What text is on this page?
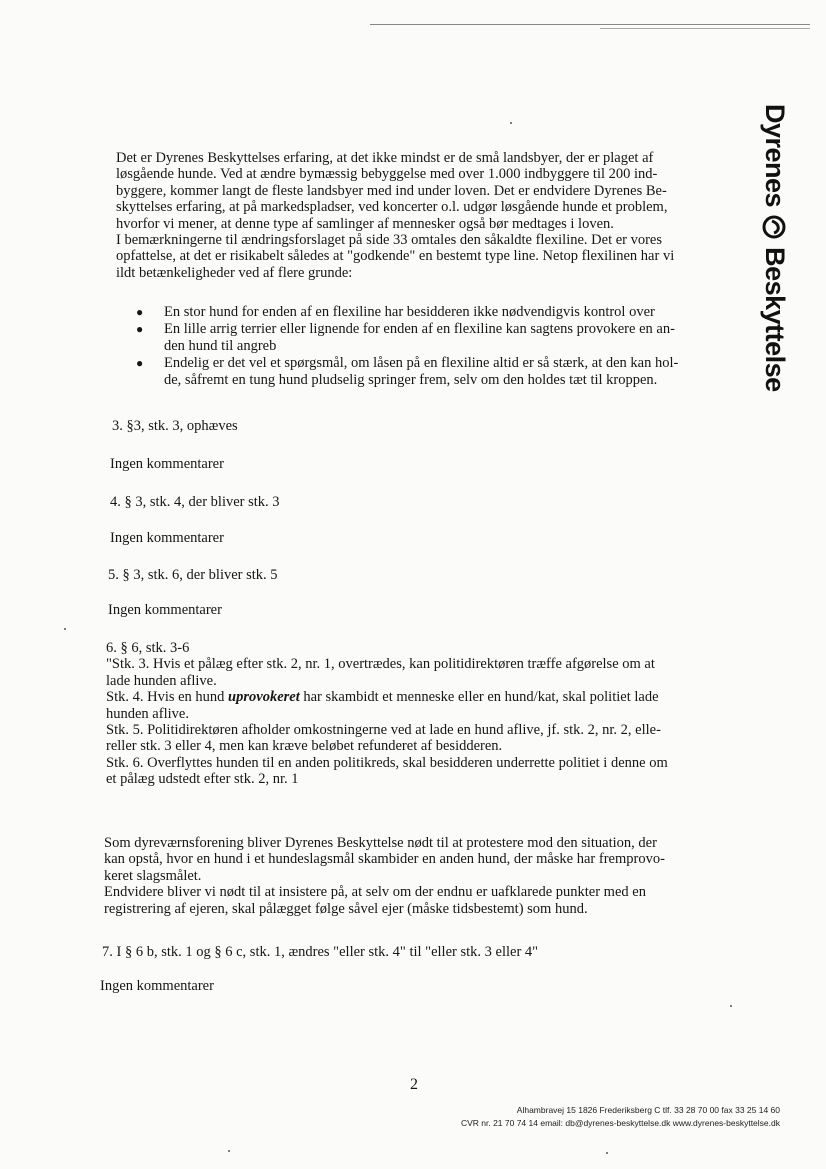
Dyrenes
Beskyttelse
Det er Dyrenes Beskyttelses erfaring, at det ikke mindst er de små landsbyer, der er plaget af
løsgående hunde. Ved at ændre bymæssig bebyggelse med over 1.000 indbyggere til 200 ind-
byggere, kommer langt de fleste landsbyer med ind under loven. Det er endvidere Dyrenes Be-
skyttelses erfaring, at på markedspladser, ved koncerter o.l. udgør løsgående hunde et problem,
hvorfor vi mener, at denne type af samlinger af mennesker også bør medtages i loven.
I bemærkningerne til ændringsforslaget på side 33 omtales den såkaldte flexiline. Det er vores
opfattelse, at det er risikabelt således at "godkende" en bestemt type line. Netop flexilinen har vi
ildt betænkeligheder ved af flere grunde:
●	En stor hund for enden af en flexiline har besidderen ikke nødvendigvis kontrol over
●	En lille arrig terrier eller lignende for enden af en flexiline kan sagtens provokere en an-
den hund til angreb
●	Endelig er det vel et spørgsmål, om låsen på en flexiline altid er så stærk, at den kan hol-
de, såfremt en tung hund pludselig springer frem, selv om den holdes tæt til kroppen.
3. §3, stk. 3, ophæves
Ingen kommentarer
4. § 3, stk. 4, der bliver stk. 3
Ingen kommentarer
5. § 3, stk. 6, der bliver stk. 5
Ingen kommentarer
6. § 6, stk. 3-6
"Stk. 3. Hvis et pålæg efter stk. 2, nr. 1, overtrædes, kan politidirektøren træffe afgørelse om at
lade hunden aflive.
Stk. 4. Hvis en hund uprovokeret har skambidt et menneske eller en hund/kat, skal politiet lade
hunden aflive.
Stk. 5. Politidirektøren afholder omkostningerne ved at lade en hund aflive, jf. stk. 2, nr. 2, elle-
reller stk. 3 eller 4, men kan kræve beløbet refunderet af besidderen.
Stk. 6. Overflyttes hunden til en anden politikreds, skal besidderen underrette politiet i denne om
et pålæg udstedt efter stk. 2, nr. 1
Som dyreværnsforening bliver Dyrenes Beskyttelse nødt til at protestere mod den situation, der
kan opstå, hvor en hund i et hundeslagsmål skambider en anden hund, der måske har fremprovo-
keret slagsmålet.
Endvidere bliver vi nødt til at insistere på, at selv om der endnu er uafklarede punkter med en
registrering af ejeren, skal pålægget følge såvel ejer (måske tidsbestemt) som hund.
7. I § 6 b, stk. 1 og § 6 c, stk. 1, ændres "eller stk. 4" til "eller stk. 3 eller 4"
Ingen kommentarer
2
Alhambravej 15 1826 Frederiksberg C tlf. 33 28 70 00 fax 33 25 14 60
CVR nr. 21 70 74 14 email: db@dyrenes-beskyttelse.dk www.dyrenes-beskyttelse.dk
